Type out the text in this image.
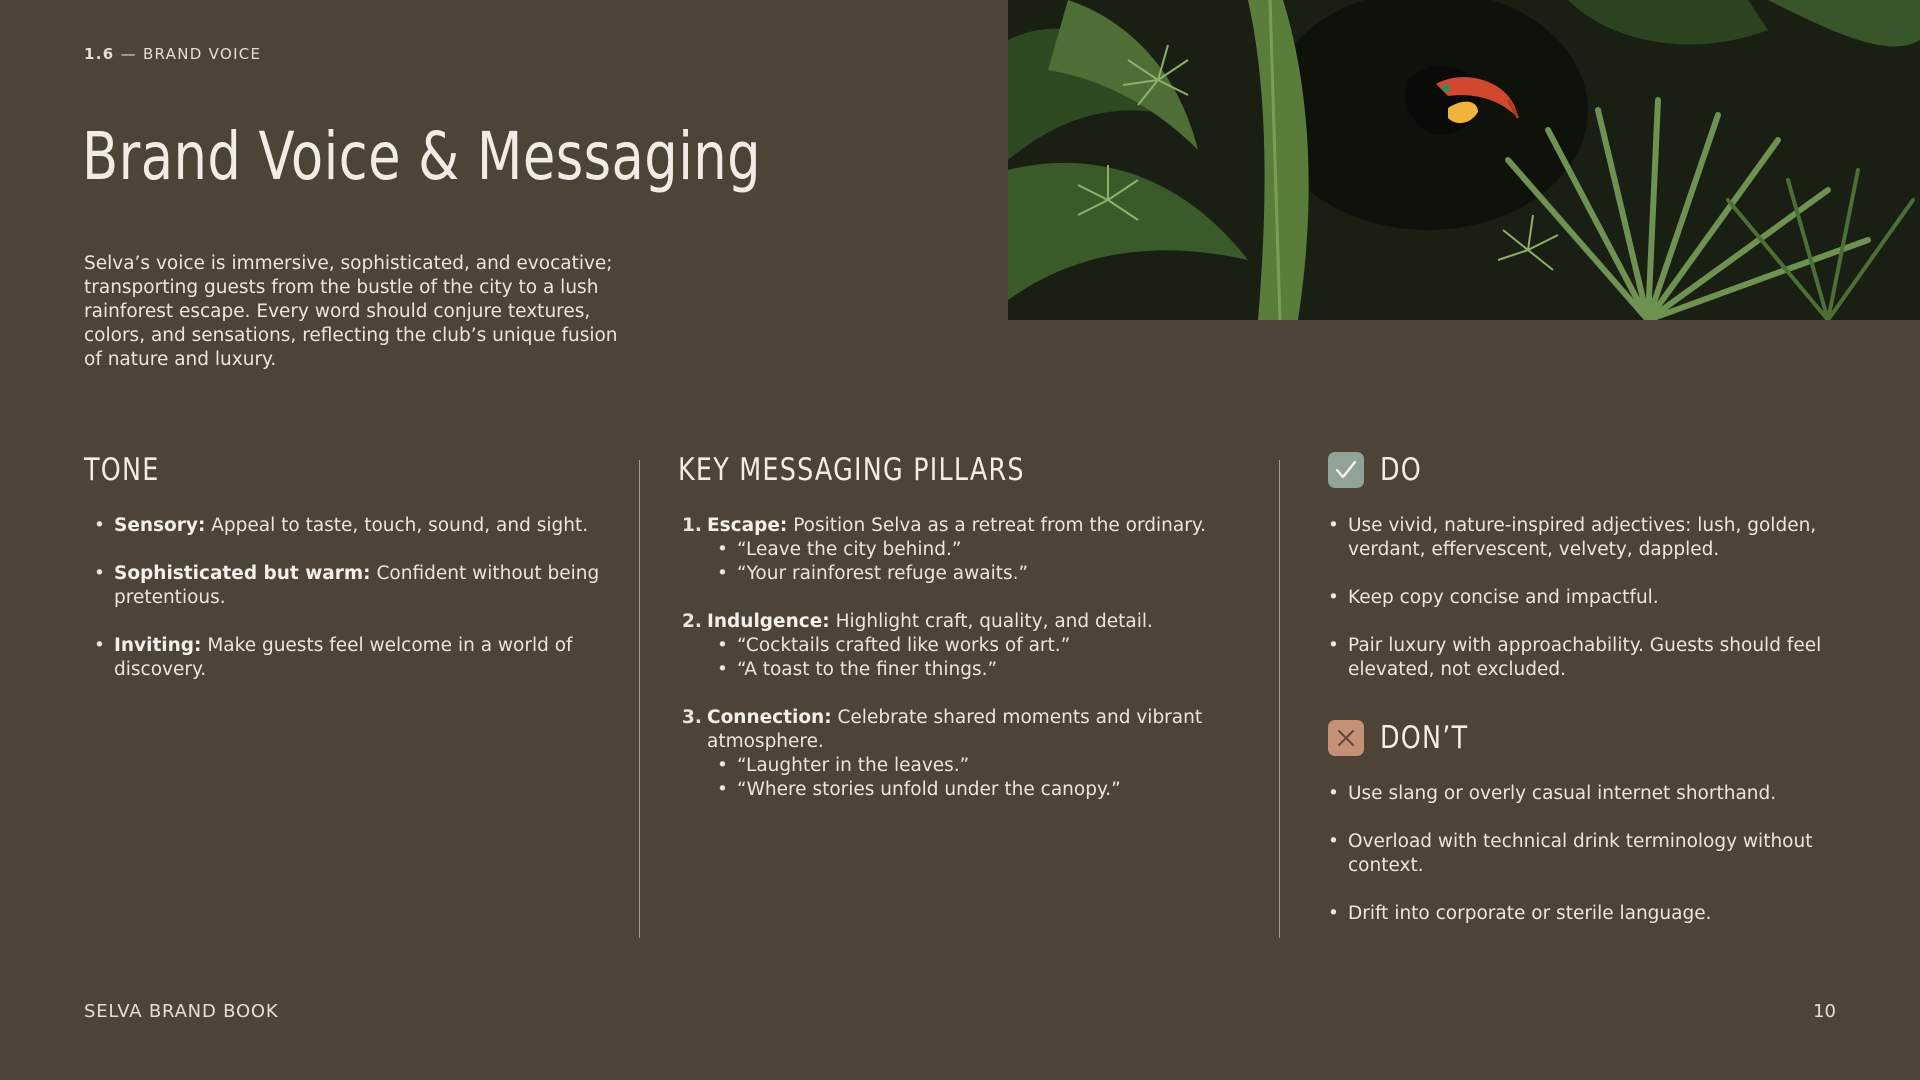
1.6 — BRAND VOICE
Brand Voice & Messaging

Selva’s voice is immersive, sophisticated, and evocative; transporting guests from the bustle of the city to a lush rainforest escape. Every word should conjure textures, colors, and sensations, reflecting the club’s unique fusion of nature and luxury.

TONE
• Sensory: Appeal to taste, touch, sound, and sight.
• Sophisticated but warm: Confident without being pretentious.
• Inviting: Make guests feel welcome in a world of discovery.
KEY MESSAGING PILLARS
1. Escape: Position Selva as a retreat from the ordinary.
• “Leave the city behind.”
• “Your rainforest refuge awaits.”
2. Indulgence: Highlight craft, quality, and detail.
• “Cocktails crafted like works of art.”
• “A toast to the finer things.”
3. Connection: Celebrate shared moments and vibrant atmosphere.
• “Laughter in the leaves.”
• “Where stories unfold under the canopy.”
DO
• Use vivid, nature-inspired adjectives: lush, golden, verdant, effervescent, velvety, dappled.
• Keep copy concise and impactful.
• Pair luxury with approachability. Guests should feel elevated, not excluded.
DON’T
• Use slang or overly casual internet shorthand.
• Overload with technical drink terminology without context.
• Drift into corporate or sterile language.
SELVA BRAND BOOK	10
